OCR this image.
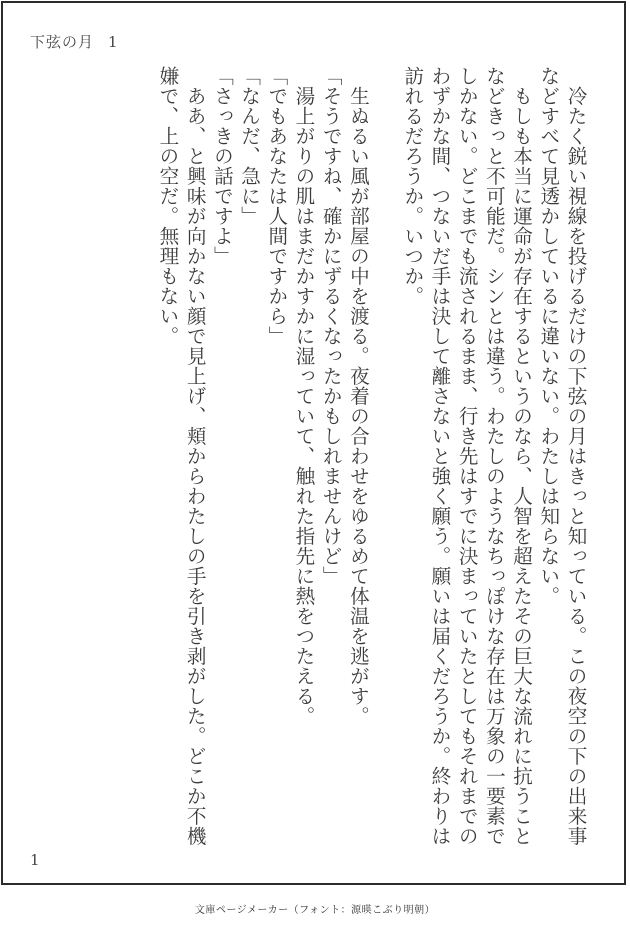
下弦の月 1

冷たく鋭い視線を投げるだけの下弦の月はきっと知っている。この夜空の下の出来事などすべて見透かしているに違いない。わたしは知らない。

もしも本当に運命が存在するというのなら、人智を超えたその巨大な流れに抗うことなどきっと不可能だ。シンとは違う。わたしのようなちっぽけな存在は万象の一要素でしかない。どこまでも流されるまま、行き先はすでに決まっていたとしてもそれまでのわずかな間、つないだ手は決して離さないと強く願う。願いは届くだろうか。終わりは訪れるだろうか。いつか。

生ぬるい風が部屋の中を渡る。夜着の合わせをゆるめて体温を逃がす。

「そうですね、確かにずるくなったかもしれませんけど」

湯上がりの肌はまだかすかに湿っていて、触れた指先に熱をつたえる。

「でもあなたは人間ですから」

「なんだ、急に」

「さっきの話ですよ」

ああ、と興味が向かない顔で見上げ、頬からわたしの手を引き剥がした。どこか不機嫌で、上の空だ。無理もない。

1
文庫ページメーカー（フォント：源暎こぶり明朝）
